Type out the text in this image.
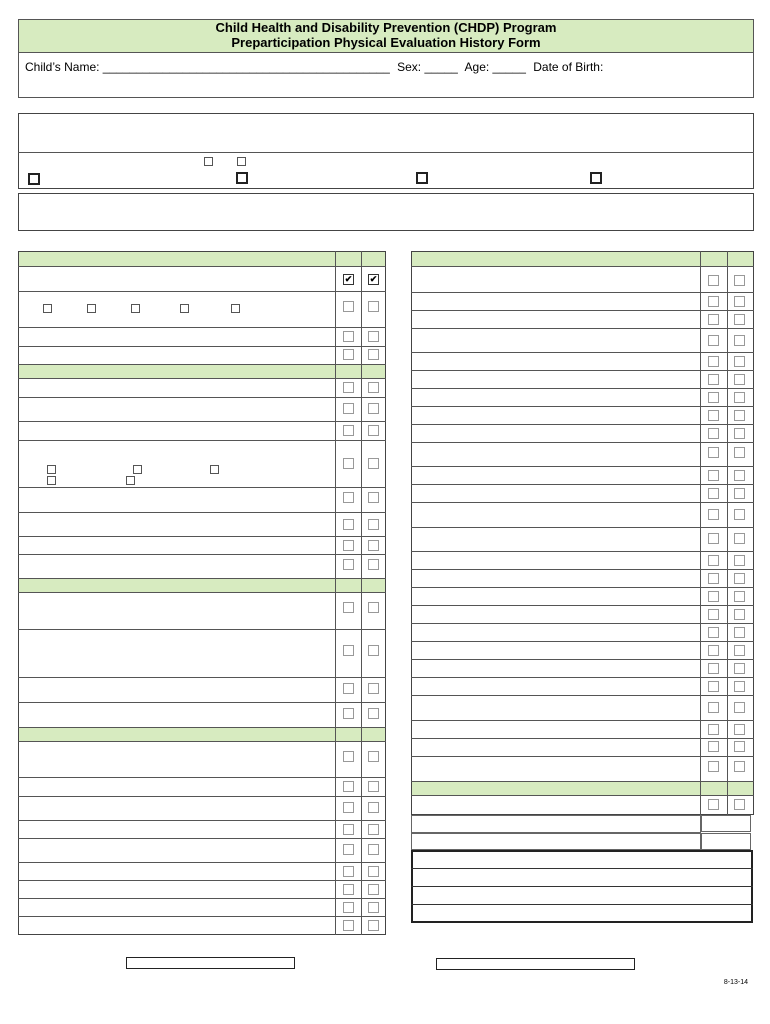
Child Health and Disability Prevention (CHDP) Program
Preparticipation Physical Evaluation History Form
Child’s Name: ___________________________________________ Sex: _____ Age: _____ Date of Birth:
✔ ✔
8-13-14
